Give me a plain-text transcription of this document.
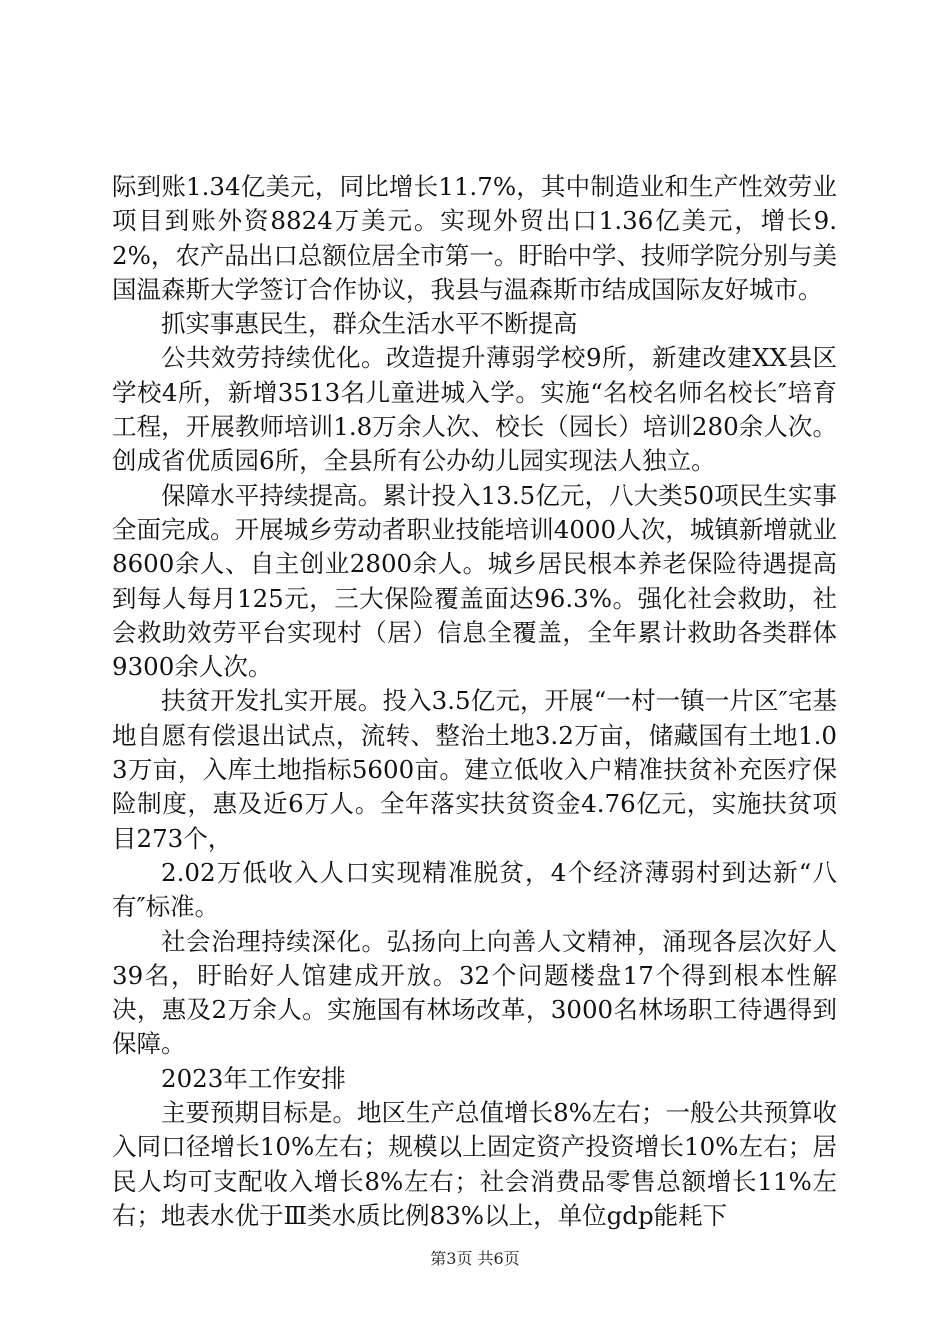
际到账1.34亿美元，同比增长11.7%，其中制造业和生产性效劳业项目到账外资8824万美元。实现外贸出口1.36亿美元，增长9.2%，农产品出口总额位居全市第一。盱眙中学、技师学院分别与美国温森斯大学签订合作协议，我县与温森斯市结成国际友好城市。

抓实事惠民生，群众生活水平不断提高

公共效劳持续优化。改造提升薄弱学校9所，新建改建XX县区学校4所，新增3513名儿童进城入学。实施“名校名师名校长″培育工程，开展教师培训1.8万余人次、校长（园长）培训280余人次。创成省优质园6所，全县所有公办幼儿园实现法人独立。

保障水平持续提高。累计投入13.5亿元，八大类50项民生实事全面完成。开展城乡劳动者职业技能培训4000人次，城镇新增就业8600余人、自主创业2800余人。城乡居民根本养老保险待遇提高到每人每月125元，三大保险覆盖面达96.3%。强化社会救助，社会救助效劳平台实现村（居）信息全覆盖，全年累计救助各类群体9300余人次。

扶贫开发扎实开展。投入3.5亿元，开展“一村一镇一片区″宅基地自愿有偿退出试点，流转、整治土地3.2万亩，储藏国有土地1.03万亩，入库土地指标5600亩。建立低收入户精准扶贫补充医疗保险制度，惠及近6万人。全年落实扶贫资金4.76亿元，实施扶贫项目273个，

2.02万低收入人口实现精准脱贫，4个经济薄弱村到达新“八有″标准。

社会治理持续深化。弘扬向上向善人文精神，涌现各层次好人39名，盱眙好人馆建成开放。32个问题楼盘17个得到根本性解决，惠及2万余人。实施国有林场改革，3000名林场职工待遇得到保障。

2023年工作安排

主要预期目标是。地区生产总值增长8%左右；一般公共预算收入同口径增长10%左右；规模以上固定资产投资增长10%左右；居民人均可支配收入增长8%左右；社会消费品零售总额增长11%左右；地表水优于Ⅲ类水质比例83%以上，单位gdp能耗下

第3页 共6页
